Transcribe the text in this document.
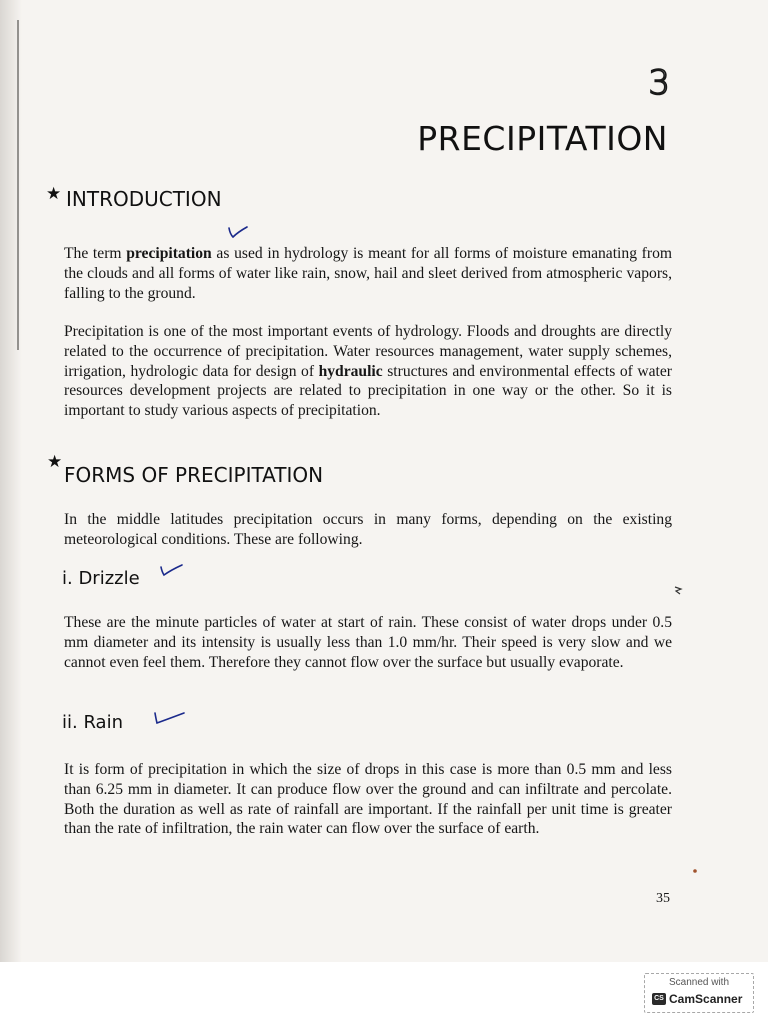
3
PRECIPITATION
★ INTRODUCTION

The term precipitation as used in hydrology is meant for all forms of moisture emanating from the clouds and all forms of water like rain, snow, hail and sleet derived from atmospheric vapors, falling to the ground.

Precipitation is one of the most important events of hydrology. Floods and droughts are directly related to the occurrence of precipitation. Water resources management, water supply schemes, irrigation, hydrologic data for design of hydraulic structures and environmental effects of water resources development projects are related to precipitation in one way or the other. So it is important to study various aspects of precipitation.

★
FORMS OF PRECIPITATION

In the middle latitudes precipitation occurs in many forms, depending on the existing meteorological conditions. These are following.

i. Drizzle

These are the minute particles of water at start of rain. These consist of water drops under 0.5 mm diameter and its intensity is usually less than 1.0 mm/hr. Their speed is very slow and we cannot even feel them. Therefore they cannot flow over the surface but usually evaporate.

ii. Rain

It is form of precipitation in which the size of drops in this case is more than 0.5 mm and less than 6.25 mm in diameter. It can produce flow over the ground and can infiltrate and percolate. Both the duration as well as rate of rainfall are important. If the rainfall per unit time is greater than the rate of infiltration, the rain water can flow over the surface of earth.

35
Scanned with
CS CamScanner
